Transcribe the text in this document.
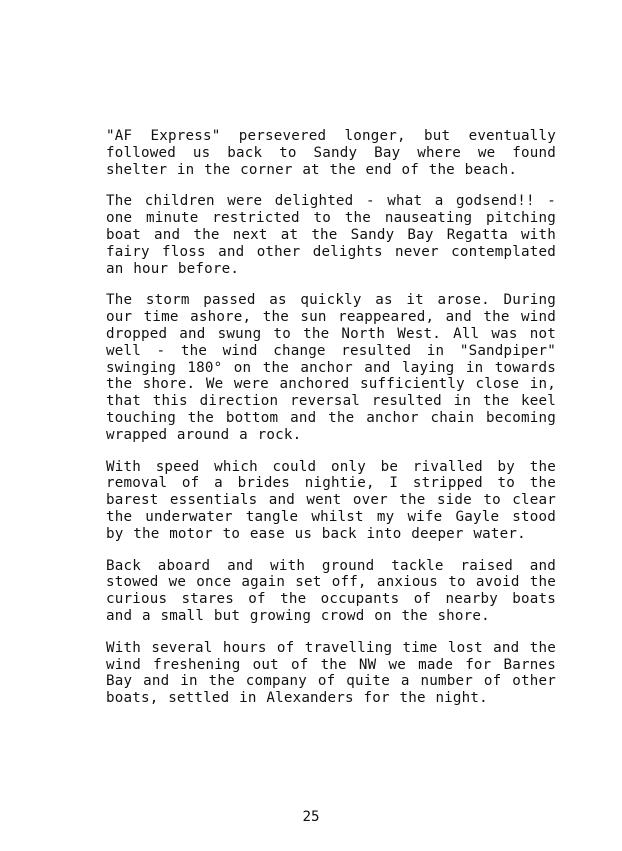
"AF Express" persevered longer, but eventually followed us back to Sandy Bay where we found shelter in the corner at the end of the beach.

The children were delighted - what a godsend!! - one minute restricted to the nauseating pitching boat and the next at the Sandy Bay Regatta with fairy floss and other delights never contemplated an hour before.

The storm passed as quickly as it arose. During our time ashore, the sun reappeared, and the wind dropped and swung to the North West. All was not well - the wind change resulted in "Sandpiper" swinging 180° on the anchor and laying in towards the shore. We were anchored sufficiently close in, that this direction reversal resulted in the keel touching the bottom and the anchor chain becoming wrapped around a rock.

With speed which could only be rivalled by the removal of a brides nightie, I stripped to the barest essentials and went over the side to clear the underwater tangle whilst my wife Gayle stood by the motor to ease us back into deeper water.

Back aboard and with ground tackle raised and stowed we once again set off, anxious to avoid the curious stares of the occupants of nearby boats and a small but growing crowd on the shore.

With several hours of travelling time lost and the wind freshening out of the NW we made for Barnes Bay and in the company of quite a number of other boats, settled in Alexanders for the night.

25
